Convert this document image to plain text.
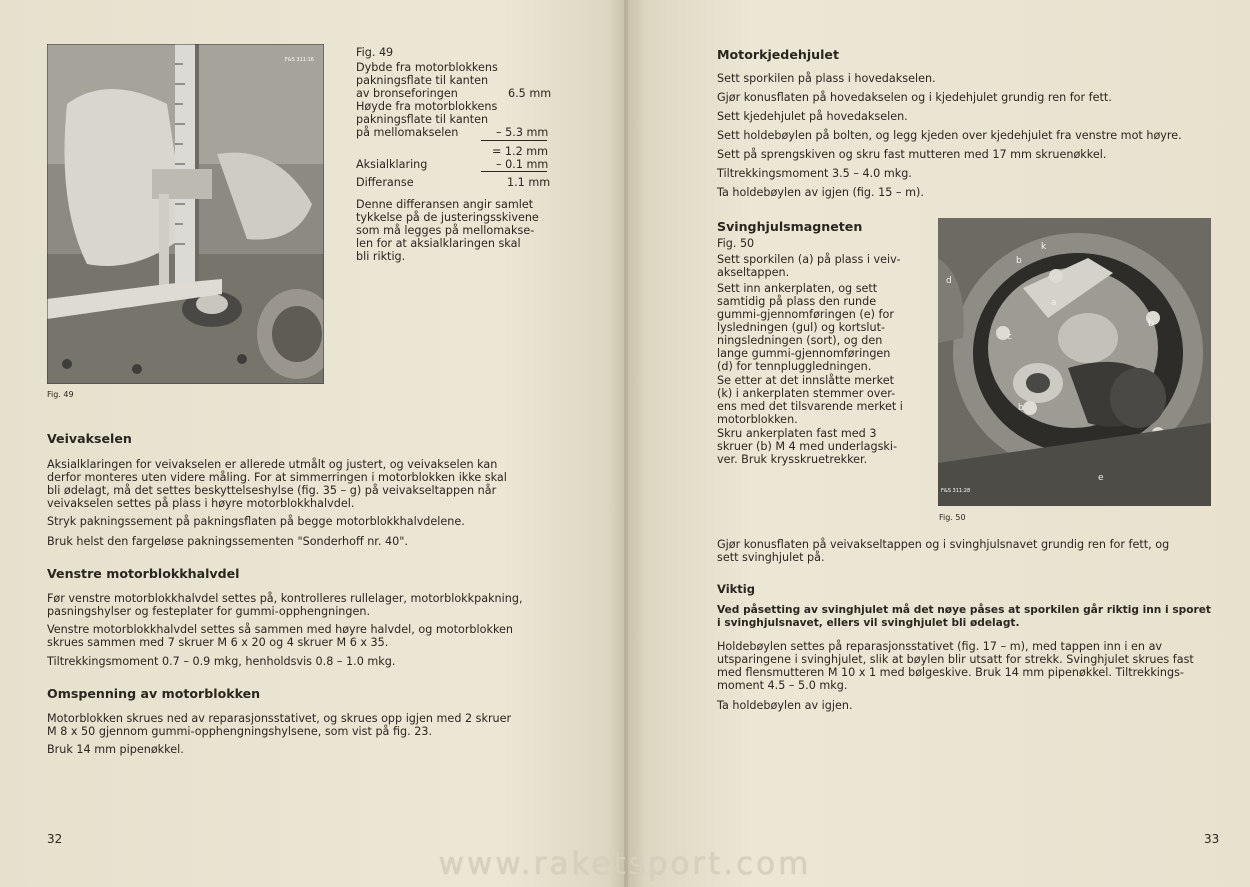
F&S 311:16
Fig. 49
Fig. 49
Dybde fra motorblokkens
pakningsflate til kanten
av bronseforingen	6.5 mm
Høyde fra motorblokkens
pakningsflate til kanten
på mellomakselen	– 5.3 mm
= 1.2 mm
Aksialklaring	– 0.1 mm
Differanse	1.1 mm
Denne differansen angir samlet
tykkelse på de justeringsskivene
som må legges på mellomaksе-
len for at aksialklaringen skal
bli riktig.
Veivakselen
Aksialklaringen for veivakselen er allerede utmålt og justert, og veivakselen kan
derfor monteres uten videre måling. For at simmerringen i motorblokken ikke skal
bli ødelagt, må det settes beskyttelseshylse (fig. 35 – g) på veivakseltappen når
veivakselen settes på plass i høyre motorblokkhalvdel.
Stryk pakningssement på pakningsflaten på begge motorblokkhalvdelene.
Bruk helst den fargeløse pakningssementen "Sonderhoff nr. 40".
Venstre motorblokkhalvdel
Før venstre motorblokkhalvdel settes på, kontrolleres rullelager, motorblokkpakning,
pasningshylser og festeplater for gummi-opphengningen.
Venstre motorblokkhalvdel settes så sammen med høyre halvdel, og motorblokken
skrues sammen med 7 skruer M 6 x 20 og 4 skruer M 6 x 35.
Tiltrekkingsmoment 0.7 – 0.9 mkg, henholdsvis 0.8 – 1.0 mkg.
Omspenning av motorblokken
Motorblokken skrues ned av reparasjonsstativet, og skrues opp igjen med 2 skruer
M 8 x 50 gjennom gummi-opphengningshylsene, som vist på fig. 23.
Bruk 14 mm pipenøkkel.
32
Motorkjedehjulet
Sett sporkilen på plass i hovedakselen.
Gjør konusflaten på hovedakselen og i kjedehjulet grundig ren for fett.
Sett kjedehjulet på hovedakselen.
Sett holdebøylen på bolten, og legg kjeden over kjedehjulet fra venstre mot høyre.
Sett på sprengskiven og skru fast mutteren med 17 mm skruenøkkel.
Tiltrekkingsmoment 3.5 – 4.0 mkg.
Ta holdebøylen av igjen (fig. 15 – m).
Svinghjulsmagneten
Fig. 50
Sett sporkilen (a) på plass i veiv-
akseltappen.
Sett inn ankerplaten, og sett
samtidig på plass den runde
gummi-gjennomføringen (e) for
lysledningen (gul) og kortslut-
ningsledningen (sort), og den
lange gummi-gjennomføringen
(d) for tennpluggledningen.
Se etter at det innslåtte merket
(k) i ankerplaten stemmer over-
ens med det tilsvarende merket i
motorblokken.
Skru ankerplaten fast med 3
skruer (b) M 4 med underlagski-
ver. Bruk krysskruetrekker.
b
k
d
a
c
b
b
e
F&S 311:28
Fig. 50
Gjør konusflaten på veivakseltappen og i svinghjulsnavet grundig ren for fett, og
sett svinghjulet på.
Viktig
Ved påsetting av svinghjulet må det nøye påses at sporkilen går riktig inn i sporet
i svinghjulsnavet, ellers vil svinghjulet bli ødelagt.
Holdebøylen settes på reparasjonsstativet (fig. 17 – m), med tappen inn i en av
utsparingene i svinghjulet, slik at bøylen blir utsatt for strekk. Svinghjulet skrues fast
med flensmutteren M 10 x 1 med bølgeskive. Bruk 14 mm pipenøkkel. Tiltrekkings-
moment 4.5 – 5.0 mkg.
Ta holdebøylen av igjen.
33
www.raketsport.com
